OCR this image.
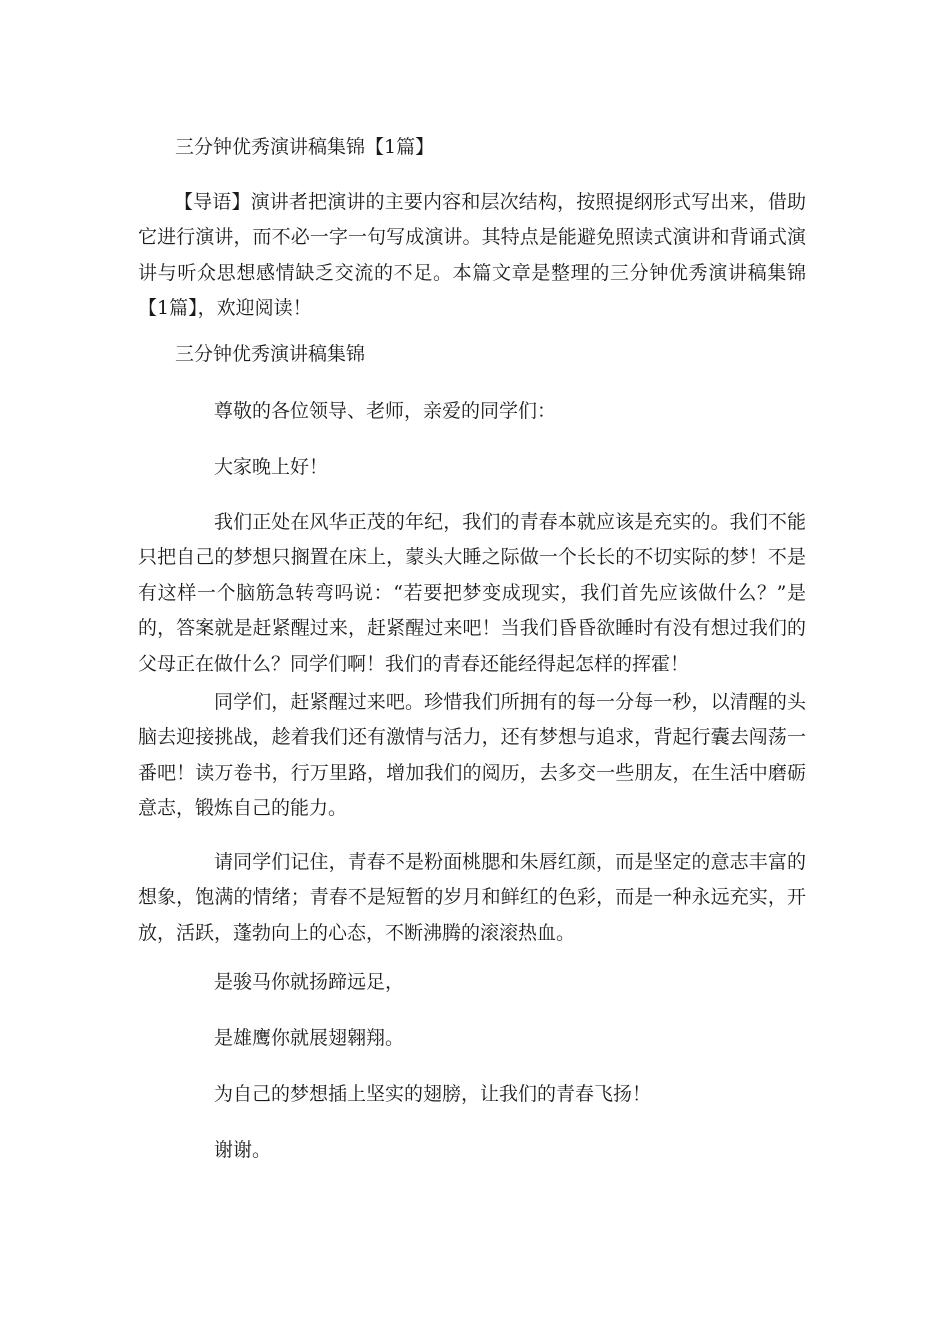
三分钟优秀演讲稿集锦【1篇】
【导语】演讲者把演讲的主要内容和层次结构，按照提纲形式写出来，借助它进行演讲，而不必一字一句写成演讲。其特点是能避免照读式演讲和背诵式演讲与听众思想感情缺乏交流的不足。本篇文章是整理的三分钟优秀演讲稿集锦【1篇】，欢迎阅读！
三分钟优秀演讲稿集锦
尊敬的各位领导、老师，亲爱的同学们：
大家晚上好！
我们正处在风华正茂的年纪，我们的青春本就应该是充实的。我们不能只把自己的梦想只搁置在床上，蒙头大睡之际做一个长长的不切实际的梦！不是有这样一个脑筋急转弯吗说：“若要把梦变成现实，我们首先应该做什么？”是的，答案就是赶紧醒过来，赶紧醒过来吧！当我们昏昏欲睡时有没有想过我们的父母正在做什么？同学们啊！我们的青春还能经得起怎样的挥霍！
同学们，赶紧醒过来吧。珍惜我们所拥有的每一分每一秒，以清醒的头脑去迎接挑战，趁着我们还有激情与活力，还有梦想与追求，背起行囊去闯荡一番吧！读万卷书，行万里路，增加我们的阅历，去多交一些朋友，在生活中磨砺意志，锻炼自己的能力。
请同学们记住，青春不是粉面桃腮和朱唇红颜，而是坚定的意志丰富的想象，饱满的情绪；青春不是短暂的岁月和鲜红的色彩，而是一种永远充实，开放，活跃，蓬勃向上的心态，不断沸腾的滚滚热血。
是骏马你就扬蹄远足，
是雄鹰你就展翅翱翔。
为自己的梦想插上坚实的翅膀，让我们的青春飞扬！
谢谢。
